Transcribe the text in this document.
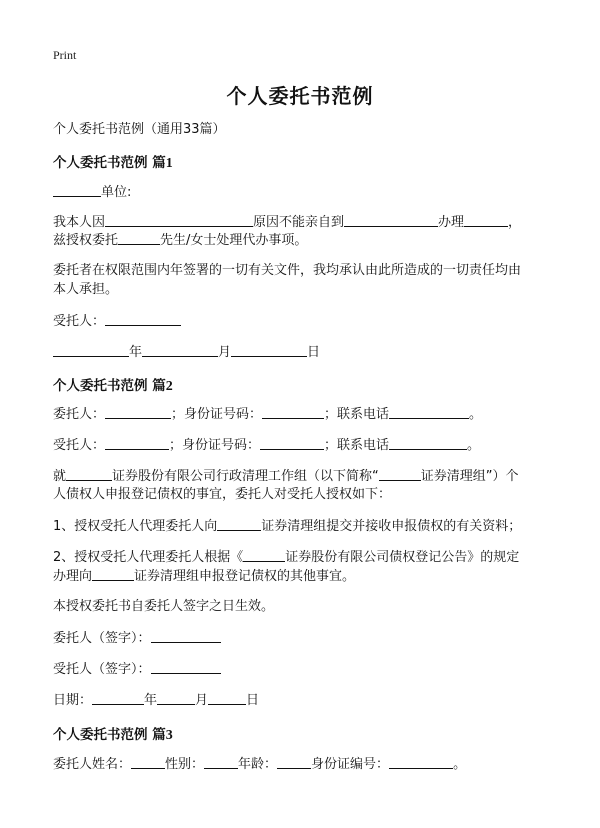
Print
个人委托书范例
个人委托书范例（通用33篇）
个人委托书范例 篇1
单位:
我本人因	原因不能亲自到	办理	，
兹授权委托	先生/女士处理代办事项。
委托者在权限范围内年签署的一切有关文件，我均承认由此所造成的一切责任均由
本人承担。
受托人：
年	月	日
个人委托书范例 篇2
委托人：	；身份证号码：	；联系电话	。
受托人：	；身份证号码：	；联系电话	。
就	证券股份有限公司行政清理工作组（以下简称“	证券清理组”）个
人债权人申报登记债权的事宜，委托人对受托人授权如下：
1、授权受托人代理委托人向	证券清理组提交并接收申报债权的有关资料；
2、授权受托人代理委托人根据《	证券股份有限公司债权登记公告》的规定
办理向	证券清理组申报登记债权的其他事宜。
本授权委托书自委托人签字之日生效。
委托人（签字）：
受托人（签字）：
日期：	年	月	日
个人委托书范例 篇3
委托人姓名：	性别：	年龄：	身份证编号：	。
